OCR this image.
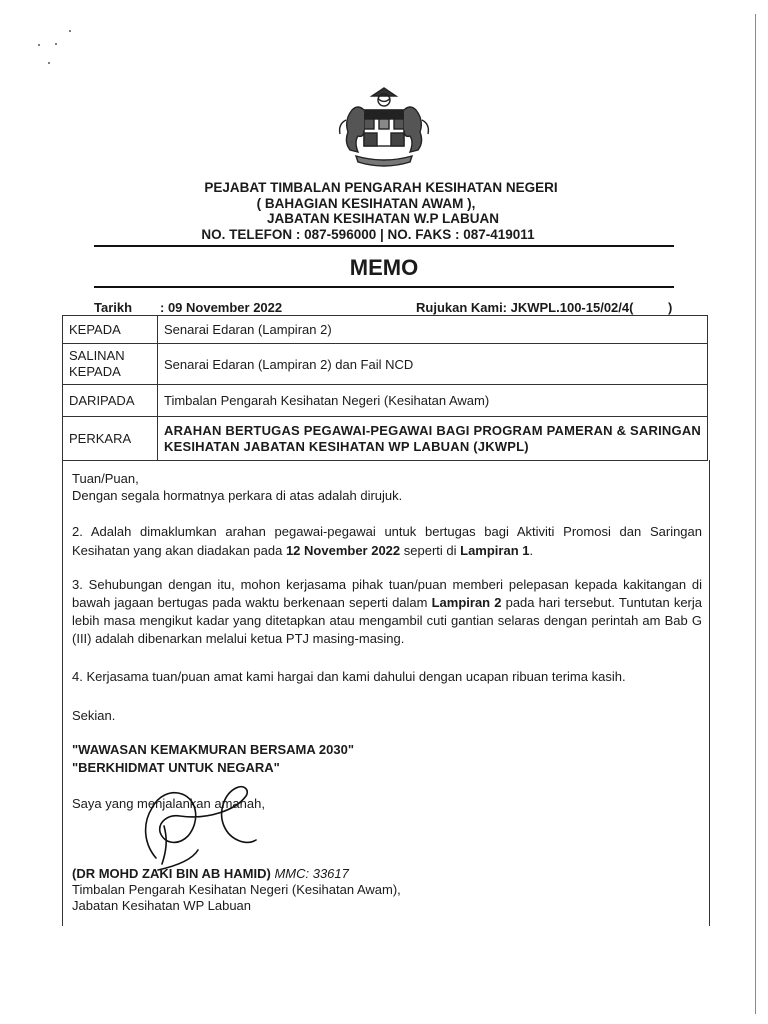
PEJABAT TIMBALAN PENGARAH KESIHATAN NEGERI
( BAHAGIAN KESIHATAN AWAM ),
JABATAN KESIHATAN W.P LABUAN
NO. TELEFON : 087-596000 | NO. FAKS : 087-419011
MEMO
Tarikh : 09 November 2022	Rujukan Kami: JKWPL.100-15/02/4(	)
KEPADA	Senarai Edaran (Lampiran 2)
SALINAN KEPADA	Senarai Edaran (Lampiran 2) dan Fail NCD
DARIPADA	Timbalan Pengarah Kesihatan Negeri (Kesihatan Awam)
PERKARA	ARAHAN BERTUGAS PEGAWAI-PEGAWAI BAGI PROGRAM PAMERAN & SARINGAN KESIHATAN JABATAN KESIHATAN WP LABUAN (JKWPL)
Tuan/Puan,
Dengan segala hormatnya perkara di atas adalah dirujuk.
2. Adalah dimaklumkan arahan pegawai-pegawai untuk bertugas bagi Aktiviti Promosi dan Saringan Kesihatan yang akan diadakan pada 12 November 2022 seperti di Lampiran 1.
3. Sehubungan dengan itu, mohon kerjasama pihak tuan/puan memberi pelepasan kepada kakitangan di bawah jagaan bertugas pada waktu berkenaan seperti dalam Lampiran 2 pada hari tersebut. Tuntutan kerja lebih masa mengikut kadar yang ditetapkan atau mengambil cuti gantian selaras dengan perintah am Bab G (III) adalah dibenarkan melalui ketua PTJ masing-masing.
4. Kerjasama tuan/puan amat kami hargai dan kami dahului dengan ucapan ribuan terima kasih.
Sekian.
"WAWASAN KEMAKMURAN BERSAMA 2030"
"BERKHIDMAT UNTUK NEGARA"
Saya yang menjalankan amanah,
(DR MOHD ZAKI BIN AB HAMID) MMC: 33617
Timbalan Pengarah Kesihatan Negeri (Kesihatan Awam),
Jabatan Kesihatan WP Labuan
